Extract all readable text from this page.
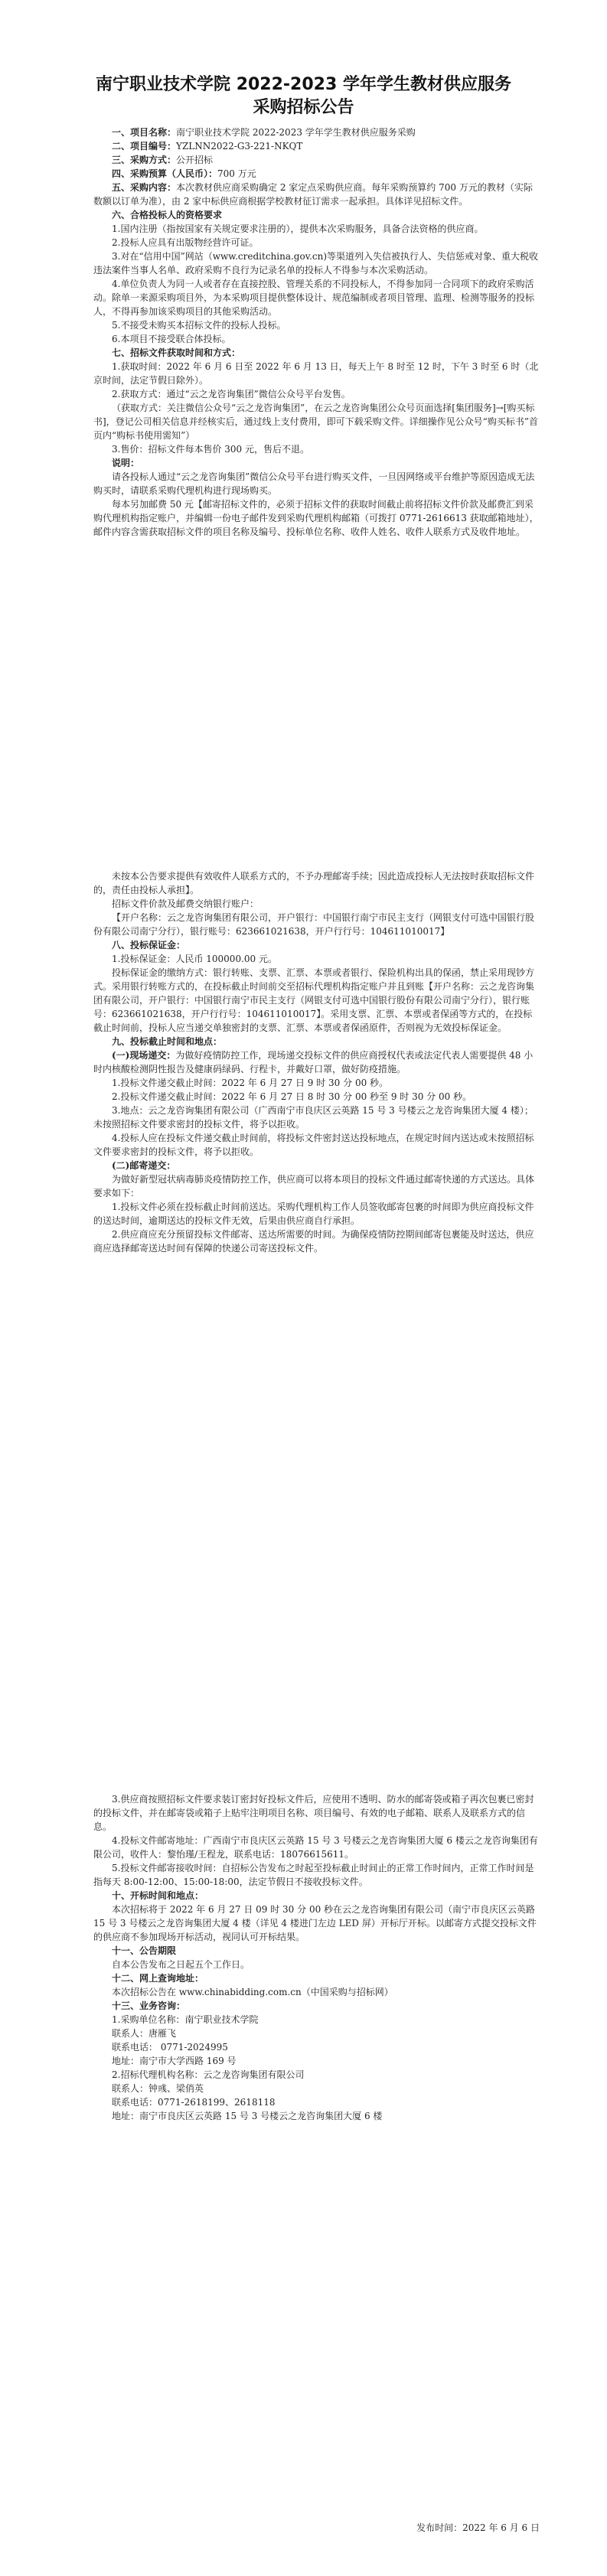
南宁职业技术学院 2022-2023 学年学生教材供应服务
采购招标公告

一、项目名称：南宁职业技术学院 2022-2023 学年学生教材供应服务采购

二、项目编号：YZLNN2022-G3-221-NKQT

三、采购方式：公开招标

四、采购预算（人民币）：700 万元

五、采购内容：本次教材供应商采购确定 2 家定点采购供应商。每年采购预算约 700 万元的教材（实际数额以订单为准），由 2 家中标供应商根据学校教材征订需求一起承担。具体详见招标文件。

六、合格投标人的资格要求

1.国内注册（指按国家有关规定要求注册的），提供本次采购服务，具备合法资格的供应商。

2.投标人应具有出版物经营许可证。

3.对在“信用中国”网站（www.creditchina.gov.cn)等渠道列入失信被执行人、失信惩戒对象、重大税收违法案件当事人名单、政府采购不良行为记录名单的投标人不得参与本次采购活动。

4.单位负责人为同一人或者存在直接控股、管理关系的不同投标人，不得参加同一合同项下的政府采购活动。除单一来源采购项目外，为本采购项目提供整体设计、规范编制或者项目管理、监理、检测等服务的投标人，不得再参加该采购项目的其他采购活动。

5.不接受未购买本招标文件的投标人投标。

6.本项目不接受联合体投标。

七、招标文件获取时间和方式：

1.获取时间：2022 年 6 月 6 日至 2022 年 6 月 13 日，每天上午 8 时至 12 时，下午 3 时至 6 时（北京时间，法定节假日除外）。

2.获取方式：通过“云之龙咨询集团”微信公众号平台发售。

（获取方式：关注微信公众号“云之龙咨询集团”，在云之龙咨询集团公众号页面选择[集团服务]→[购买标书]，登记公司相关信息并经核实后，通过线上支付费用，即可下载采购文件。详细操作见公众号“购买标书”首页内“购标书使用需知”）

3.售价：招标文件每本售价 300 元，售后不退。

说明：

请各投标人通过“云之龙咨询集团”微信公众号平台进行购买文件，一旦因网络或平台维护等原因造成无法购买时，请联系采购代理机构进行现场购买。

每本另加邮费 50 元【邮寄招标文件的，必须于招标文件的获取时间截止前将招标文件价款及邮费汇到采购代理机构指定账户，并编辑一份电子邮件发到采购代理机构邮箱（可拨打 0771-2616613 获取邮箱地址），邮件内容含需获取招标文件的项目名称及编号、投标单位名称、收件人姓名、收件人联系方式及收件地址。

未按本公告要求提供有效收件人联系方式的，不予办理邮寄手续；因此造成投标人无法按时获取招标文件的，责任由投标人承担】。

招标文件价款及邮费交纳银行账户：

【开户名称：云之龙咨询集团有限公司，开户银行：中国银行南宁市民主支行（网银支付可选中国银行股份有限公司南宁分行），银行账号：623661021638，开户行行号：104611010017】

八、投标保证金：

1.投标保证金：人民币 100000.00 元。

投标保证金的缴纳方式：银行转账、支票、汇票、本票或者银行、保险机构出具的保函，禁止采用现钞方式。采用银行转账方式的，在投标截止时间前交至招标代理机构指定账户并且到账【开户名称：云之龙咨询集团有限公司，开户银行：中国银行南宁市民主支行（网银支付可选中国银行股份有限公司南宁分行），银行账号：623661021638，开户行行号：104611010017】。采用支票、汇票、本票或者保函等方式的，在投标截止时间前，投标人应当递交单独密封的支票、汇票、本票或者保函原件，否则视为无效投标保证金。

九、投标截止时间和地点：

(一)现场递交：为做好疫情防控工作，现场递交投标文件的供应商授权代表或法定代表人需要提供 48 小时内核酸检测阴性报告及健康码绿码、行程卡，并戴好口罩，做好防疫措施。

1.投标文件递交截止时间：2022 年 6 月 27 日 9 时 30 分 00 秒。

2.投标文件递交截止时间：2022 年 6 月 27 日 8 时 30 分 00 秒至 9 时 30 分 00 秒。

3.地点：云之龙咨询集团有限公司（广西南宁市良庆区云英路 15 号 3 号楼云之龙咨询集团大厦 4 楼）；未按照招标文件要求密封的投标文件，将予以拒收。

4.投标人应在投标文件递交截止时间前，将投标文件密封送达投标地点，在规定时间内送达或未按照招标文件要求密封的投标文件，将予以拒收。

(二)邮寄递交：

为做好新型冠状病毒肺炎疫情防控工作，供应商可以将本项目的投标文件通过邮寄快递的方式送达。具体要求如下：

1.投标文件必须在投标截止时间前送达。采购代理机构工作人员签收邮寄包裹的时间即为供应商投标文件的送达时间，逾期送达的投标文件无效，后果由供应商自行承担。

2.供应商应充分预留投标文件邮寄、送达所需要的时间。为确保疫情防控期间邮寄包裹能及时送达，供应商应选择邮寄送达时间有保障的快递公司寄送投标文件。

3.供应商按照招标文件要求装订密封好投标文件后，应使用不透明、防水的邮寄袋或箱子再次包裹已密封的投标文件，并在邮寄袋或箱子上贴牢注明项目名称、项目编号、有效的电子邮箱、联系人及联系方式的信息。

4.投标文件邮寄地址：广西南宁市良庆区云英路 15 号 3 号楼云之龙咨询集团大厦 6 楼云之龙咨询集团有限公司，收件人：黎怡瑾/王程龙，联系电话：18076615611。

5.投标文件邮寄接收时间：自招标公告发布之时起至投标截止时间止的正常工作时间内，正常工作时间是指每天 8:00-12:00、15:00-18:00，法定节假日不接收投标文件。

十、开标时间和地点：

本次招标将于 2022 年 6 月 27 日 09 时 30 分 00 秒在云之龙咨询集团有限公司（南宁市良庆区云英路 15 号 3 号楼云之龙咨询集团大厦 4 楼（详见 4 楼进门左边 LED 屏）开标厅开标。以邮寄方式提交投标文件的供应商不参加现场开标活动，视同认可开标结果。

十一、公告期限

自本公告发布之日起五个工作日。

十二、网上查询地址：

本次招标公告在 www.chinabidding.com.cn（中国采购与招标网）

十三、业务咨询：

1.采购单位名称：南宁职业技术学院

联系人：唐雁飞

联系电话： 0771-2024995

地址：南宁市大学西路 169 号

2.招标代理机构名称：云之龙咨询集团有限公司

联系人：钟彧、梁俏英

联系电话：0771-2618199、2618118

地址：南宁市良庆区云英路 15 号 3 号楼云之龙咨询集团大厦 6 楼

发布时间：2022 年 6 月 6 日
